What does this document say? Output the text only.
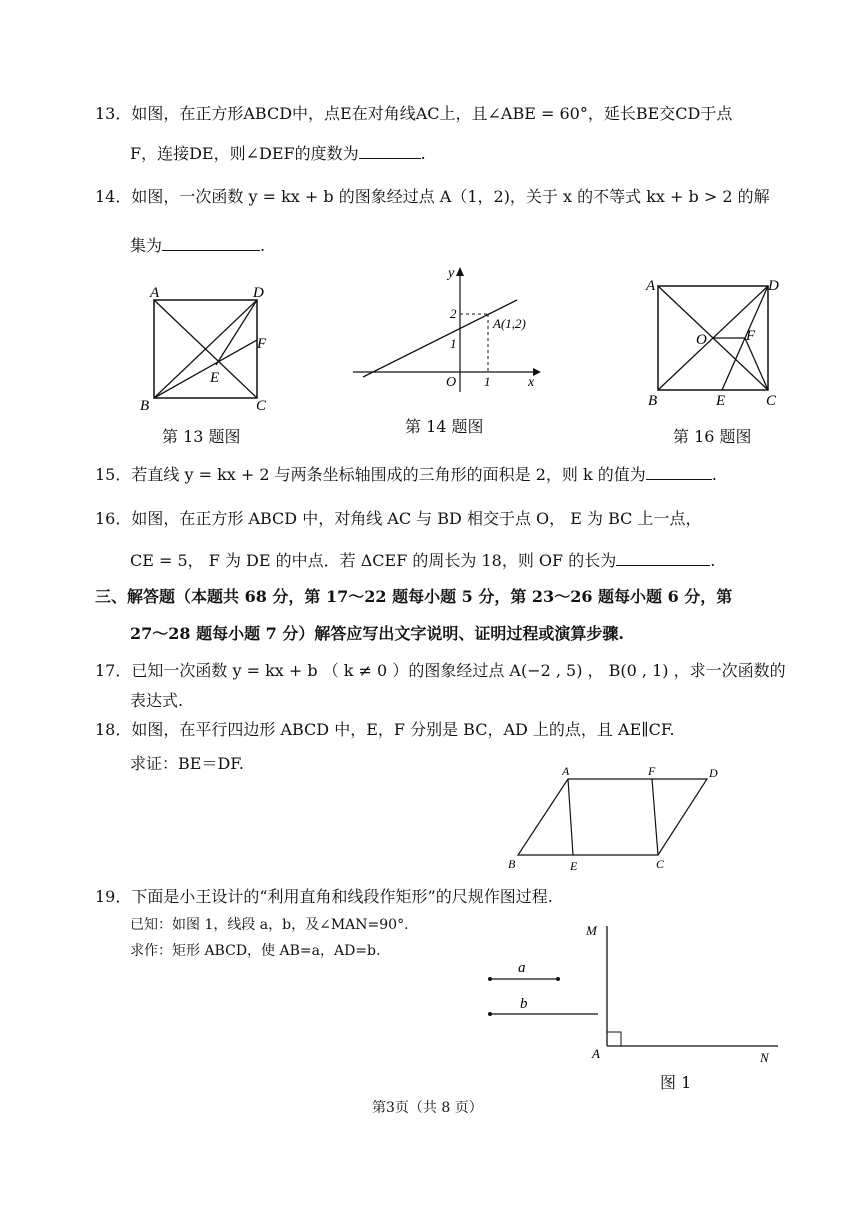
13．如图，在正方形ABCD中，点E在对角线AC上，且∠ABE = 60°，延长BE交CD于点
F，连接DE，则∠DEF的度数为	.
14．如图，一次函数 y = kx + b 的图象经过点 A（1，2)，关于 x 的不等式 kx + b > 2 的解
集为	.
A	D
F
E
B	C
第 13 题图
y
x
O 1
1
2
A(1,2)
第 14 题图
A	D
O	F
B	E	C
第 16 题图
15．若直线 y = kx + 2 与两条坐标轴围成的三角形的面积是 2，则 k 的值为	.
16．如图，在正方形 ABCD 中，对角线 AC 与 BD 相交于点 O， E 为 BC 上一点，
CE = 5， F 为 DE 的中点．若 ΔCEF 的周长为 18，则 OF 的长为	.
三、解答题（本题共 68 分，第 17～22 题每小题 5 分，第 23～26 题每小题 6 分，第
27～28 题每小题 7 分）解答应写出文字说明、证明过程或演算步骤.
17．已知一次函数 y = kx + b （ k ≠ 0 ）的图象经过点 A(−2 , 5) ， B(0 , 1) ，求一次函数的
表达式.
18．如图，在平行四边形 ABCD 中，E，F 分别是 BC，AD 上的点，且 AE∥CF.
求证：BE＝DF.	A	F	D
B	E	C
19．下面是小王设计的“利用直角和线段作矩形”的尺规作图过程.
已知：如图 1，线段 a，b，及∠MAN=90°．
求作：矩形 ABCD，使 AB=a，AD=b.
M
A	N
a
b
图 1
第3页（共 8 页）
